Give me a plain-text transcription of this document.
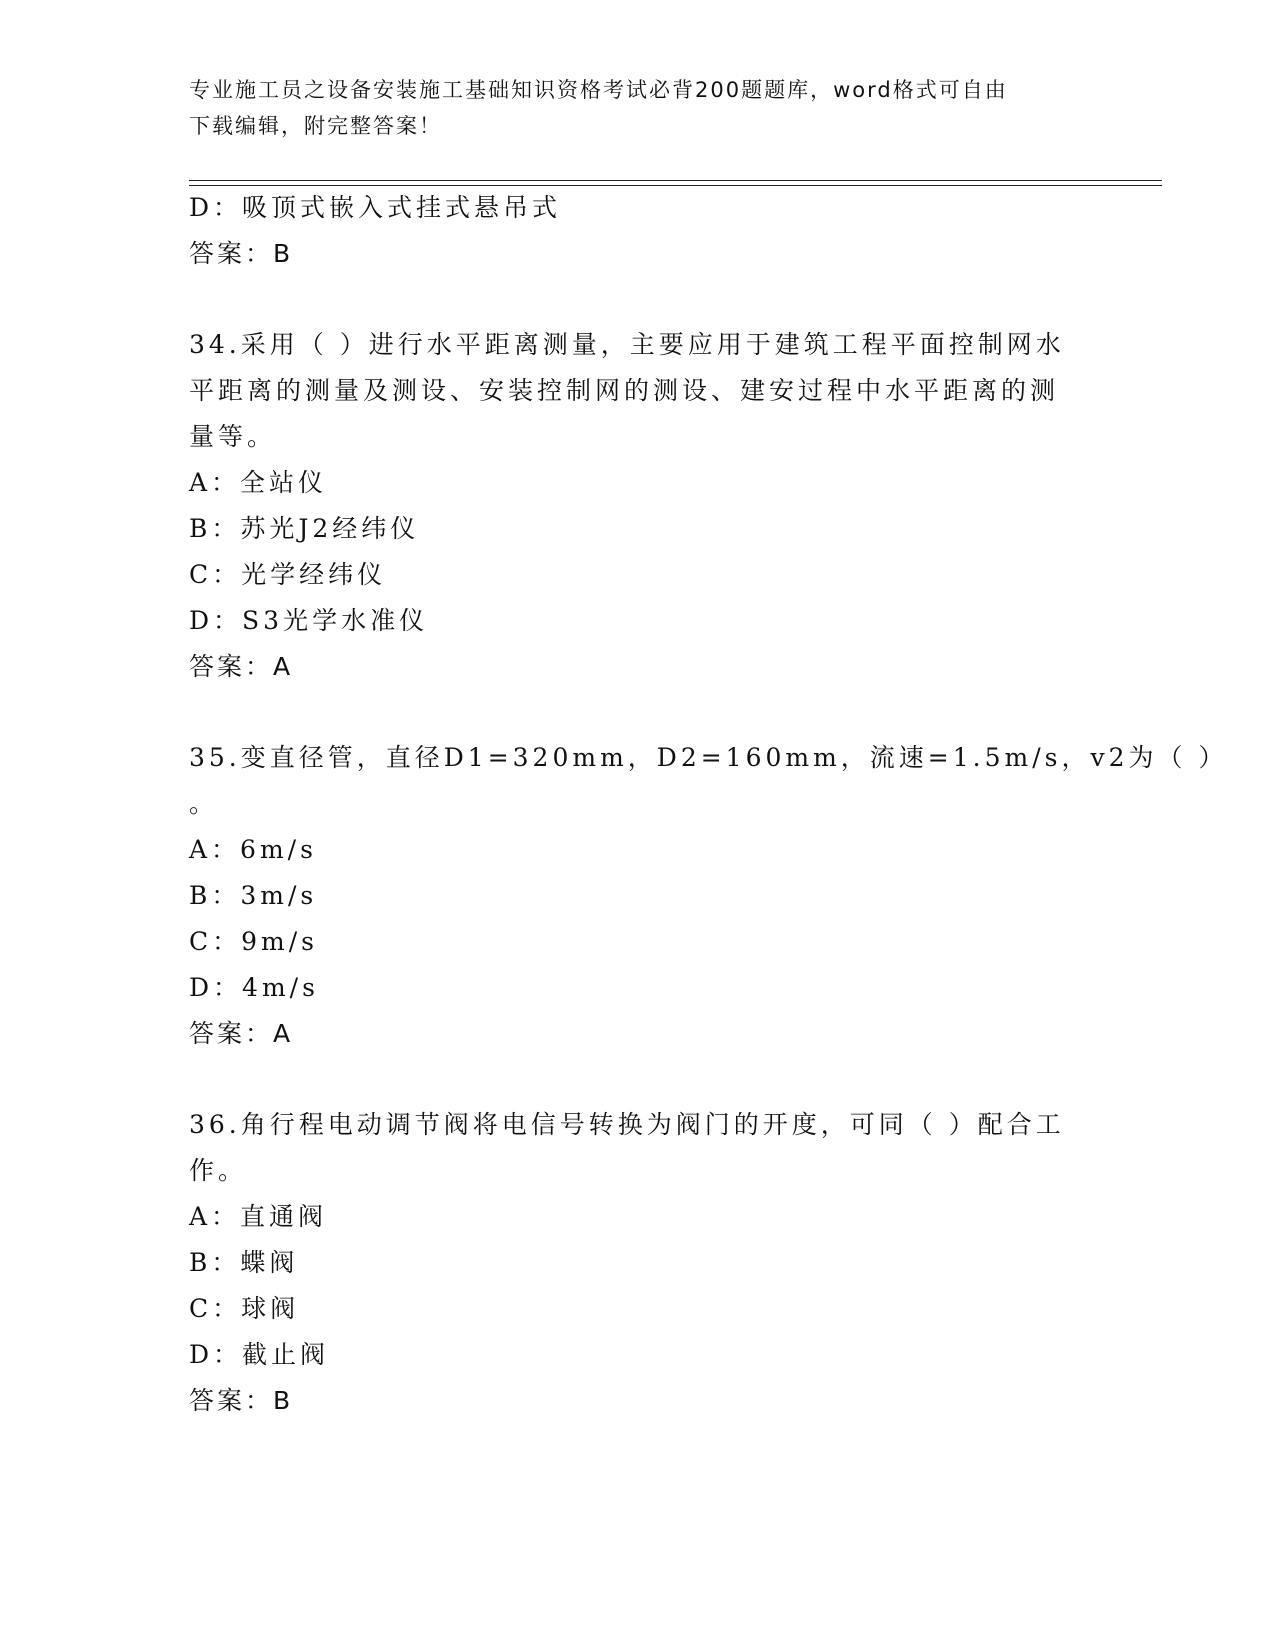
专业施工员之设备安装施工基础知识资格考试必背200题题库，word格式可自由
下载编辑，附完整答案！
D：吸顶式嵌入式挂式悬吊式
答案：B
34.采用（ ）进行水平距离测量，主要应用于建筑工程平面控制网水
平距离的测量及测设、安装控制网的测设、建安过程中水平距离的测
量等。
A：全站仪
B：苏光J2经纬仪
C：光学经纬仪
D：S3光学水准仪
答案：A
35.变直径管，直径D1=320mm，D2=160mm，流速=1.5m/s，v2为（ ）
。
A：6m/s
B：3m/s
C：9m/s
D：4m/s
答案：A
36.角行程电动调节阀将电信号转换为阀门的开度，可同（ ）配合工
作。
A：直通阀
B：蝶阀
C：球阀
D：截止阀
答案：B
